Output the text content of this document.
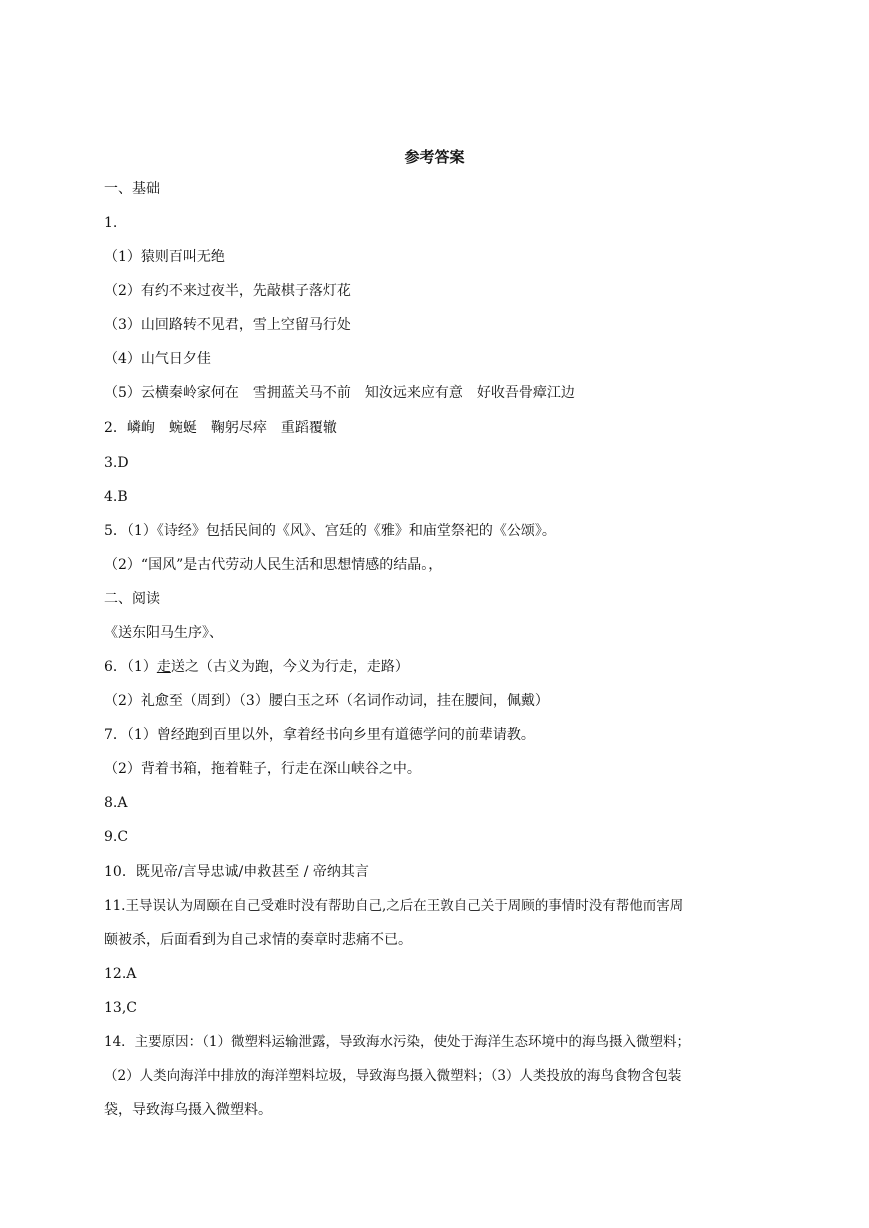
参考答案
一、基础
1.
（1）猿则百叫无绝
（2）有约不来过夜半，先敲棋子落灯花
（3）山回路转不见君，雪上空留马行处
（4）山气日夕佳
（5）云横秦岭家何在　雪拥蓝关马不前　知汝远来应有意　好收吾骨瘴江边
2．嶙峋　蜿蜒　鞠躬尽瘁　重蹈覆辙
3.D
4.B
5．（1）《诗经》包括民间的《风》、宫廷的《雅》和庙堂祭祀的《公颂》。
（2）“国风”是古代劳动人民生活和思想情感的结晶。，
二、阅读
《送东阳马生序》、
6．（1）走送之（古义为跑，今义为行走，走路）
（2）礼愈至（周到）（3）腰白玉之环（名词作动词，挂在腰间，佩戴）
7．（1）曾经跑到百里以外，拿着经书向乡里有道德学问的前辈请教。
（2）背着书箱，拖着鞋子，行走在深山峡谷之中。
8.A
9.C
10．既见帝/言导忠诚/申救甚至 / 帝纳其言
11.王导误认为周颐在自己受难时没有帮助自己,之后在王敦自己关于周顾的事情时没有帮他而害周
颐被杀，后面看到为自己求情的奏章时悲痛不已。
12.A
13,C
14．主要原因：（1）微塑料运输泄露，导致海水污染，使处于海洋生态环境中的海鸟摄入微塑料；
（2）人类向海洋中排放的海洋塑料垃圾，导致海鸟摄入微塑料；（3）人类投放的海鸟食物含包装
袋，导致海乌摄入微塑料。
